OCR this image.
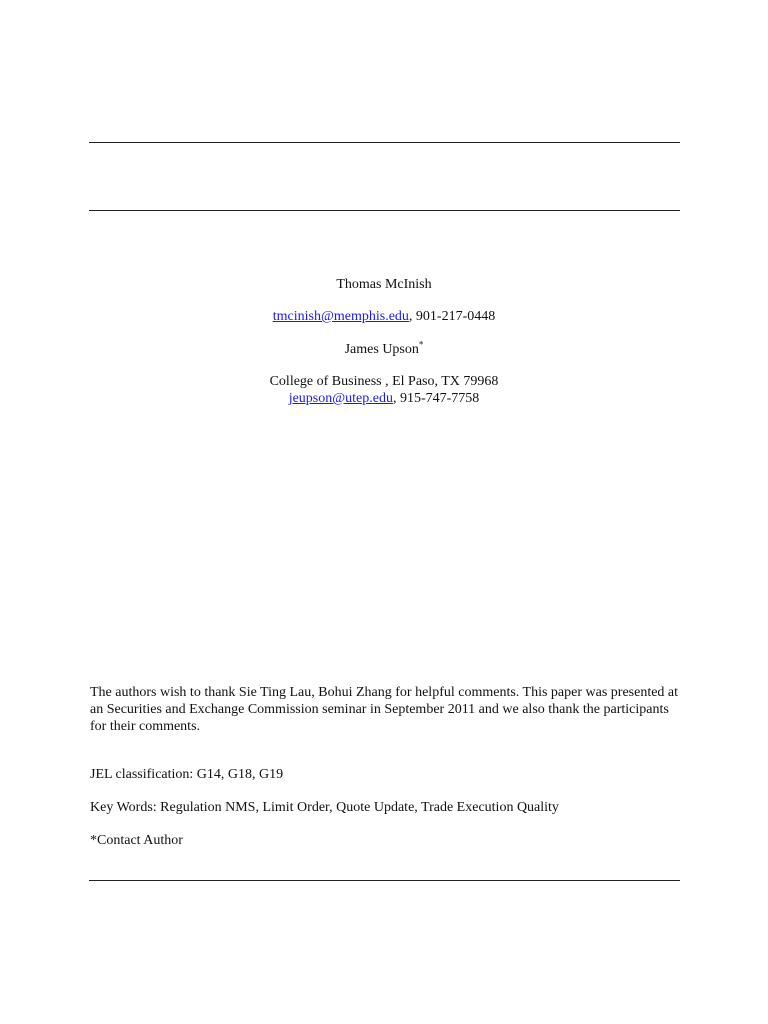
Thomas McInish
tmcinish@memphis.edu, 901-217-0448
James Upson*
College of Business , El Paso, TX 79968
jeupson@utep.edu, 915-747-7758
The authors wish to thank Sie Ting Lau, Bohui Zhang for helpful comments. This paper was presented at
an Securities and Exchange Commission seminar in September 2011 and we also thank the participants
for their comments.
JEL classification: G14, G18, G19
Key Words: Regulation NMS, Limit Order, Quote Update, Trade Execution Quality
*Contact Author
